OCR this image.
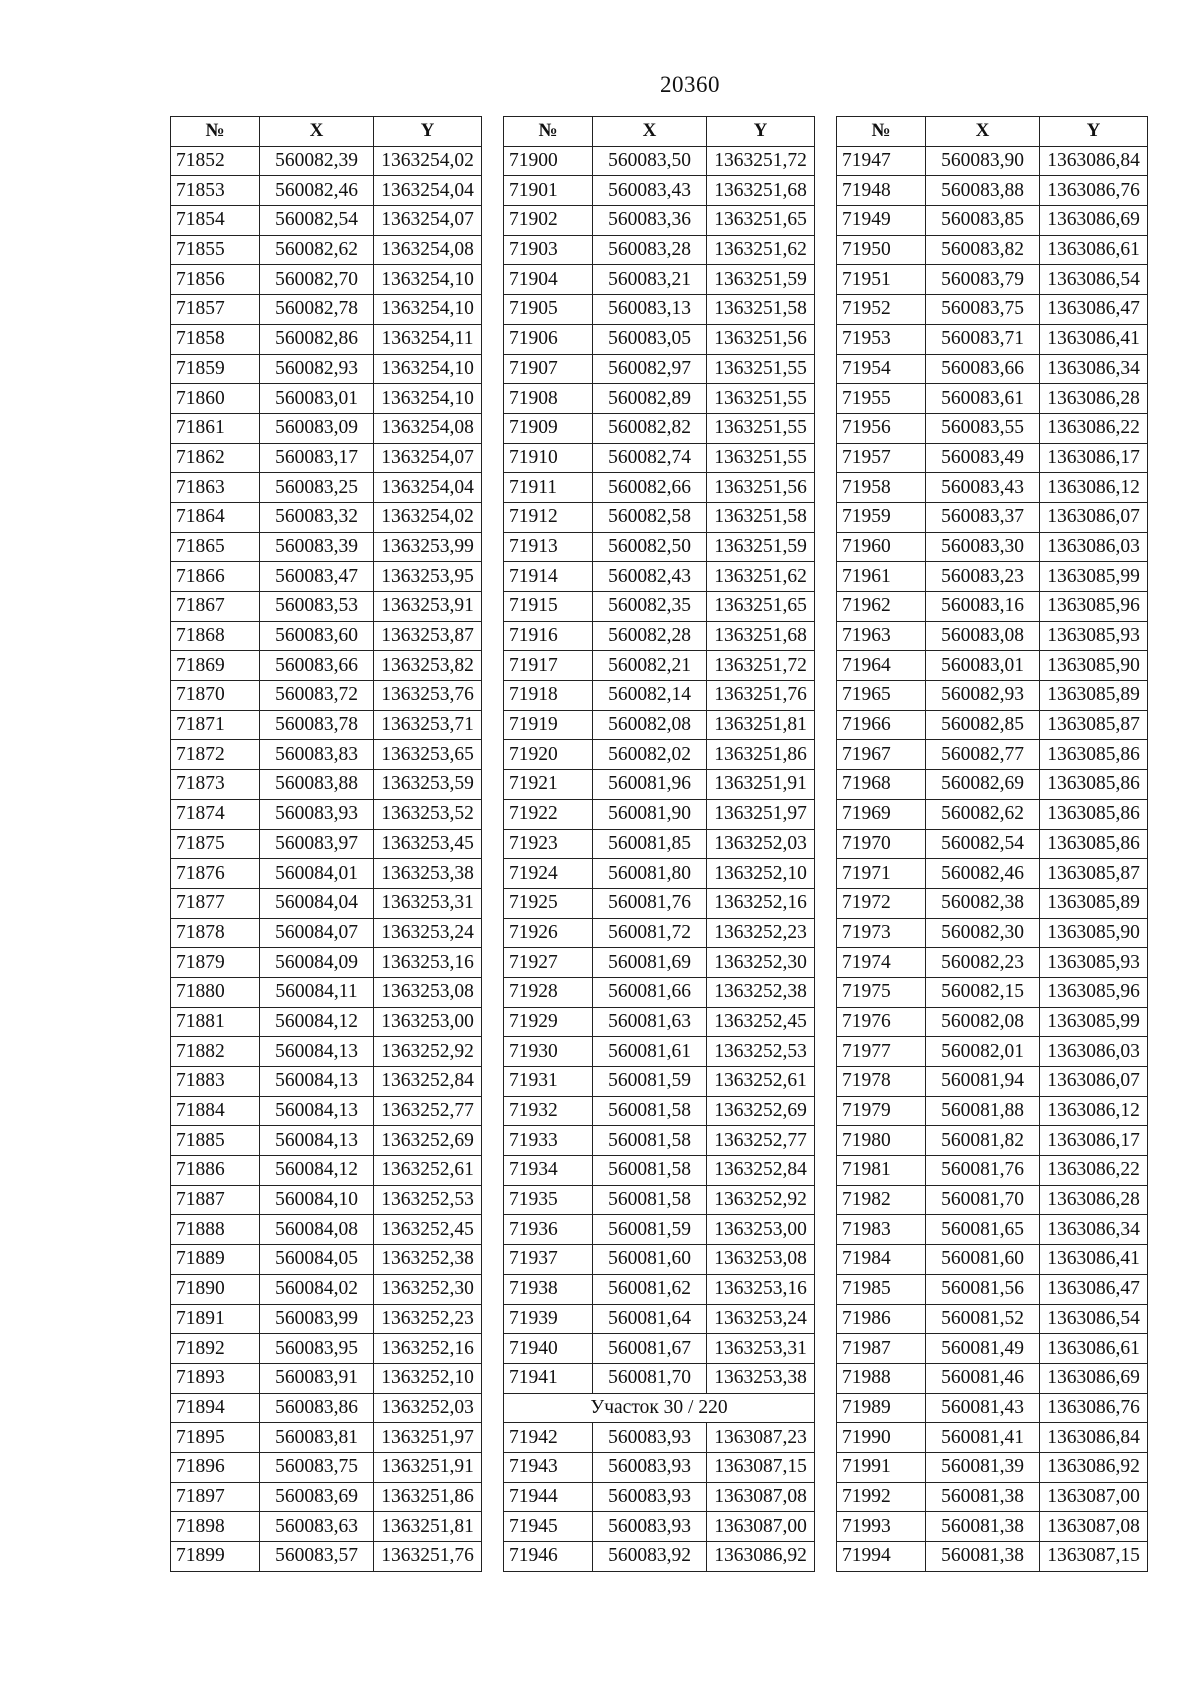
20360
№	X	Y
71852	560082,39	1363254,02
71853	560082,46	1363254,04
71854	560082,54	1363254,07
71855	560082,62	1363254,08
71856	560082,70	1363254,10
71857	560082,78	1363254,10
71858	560082,86	1363254,11
71859	560082,93	1363254,10
71860	560083,01	1363254,10
71861	560083,09	1363254,08
71862	560083,17	1363254,07
71863	560083,25	1363254,04
71864	560083,32	1363254,02
71865	560083,39	1363253,99
71866	560083,47	1363253,95
71867	560083,53	1363253,91
71868	560083,60	1363253,87
71869	560083,66	1363253,82
71870	560083,72	1363253,76
71871	560083,78	1363253,71
71872	560083,83	1363253,65
71873	560083,88	1363253,59
71874	560083,93	1363253,52
71875	560083,97	1363253,45
71876	560084,01	1363253,38
71877	560084,04	1363253,31
71878	560084,07	1363253,24
71879	560084,09	1363253,16
71880	560084,11	1363253,08
71881	560084,12	1363253,00
71882	560084,13	1363252,92
71883	560084,13	1363252,84
71884	560084,13	1363252,77
71885	560084,13	1363252,69
71886	560084,12	1363252,61
71887	560084,10	1363252,53
71888	560084,08	1363252,45
71889	560084,05	1363252,38
71890	560084,02	1363252,30
71891	560083,99	1363252,23
71892	560083,95	1363252,16
71893	560083,91	1363252,10
71894	560083,86	1363252,03
71895	560083,81	1363251,97
71896	560083,75	1363251,91
71897	560083,69	1363251,86
71898	560083,63	1363251,81
71899	560083,57	1363251,76
№	X	Y
71900	560083,50	1363251,72
71901	560083,43	1363251,68
71902	560083,36	1363251,65
71903	560083,28	1363251,62
71904	560083,21	1363251,59
71905	560083,13	1363251,58
71906	560083,05	1363251,56
71907	560082,97	1363251,55
71908	560082,89	1363251,55
71909	560082,82	1363251,55
71910	560082,74	1363251,55
71911	560082,66	1363251,56
71912	560082,58	1363251,58
71913	560082,50	1363251,59
71914	560082,43	1363251,62
71915	560082,35	1363251,65
71916	560082,28	1363251,68
71917	560082,21	1363251,72
71918	560082,14	1363251,76
71919	560082,08	1363251,81
71920	560082,02	1363251,86
71921	560081,96	1363251,91
71922	560081,90	1363251,97
71923	560081,85	1363252,03
71924	560081,80	1363252,10
71925	560081,76	1363252,16
71926	560081,72	1363252,23
71927	560081,69	1363252,30
71928	560081,66	1363252,38
71929	560081,63	1363252,45
71930	560081,61	1363252,53
71931	560081,59	1363252,61
71932	560081,58	1363252,69
71933	560081,58	1363252,77
71934	560081,58	1363252,84
71935	560081,58	1363252,92
71936	560081,59	1363253,00
71937	560081,60	1363253,08
71938	560081,62	1363253,16
71939	560081,64	1363253,24
71940	560081,67	1363253,31
71941	560081,70	1363253,38
Участок 30 / 220		
71942	560083,93	1363087,23
71943	560083,93	1363087,15
71944	560083,93	1363087,08
71945	560083,93	1363087,00
71946	560083,92	1363086,92
№	X	Y
71947	560083,90	1363086,84
71948	560083,88	1363086,76
71949	560083,85	1363086,69
71950	560083,82	1363086,61
71951	560083,79	1363086,54
71952	560083,75	1363086,47
71953	560083,71	1363086,41
71954	560083,66	1363086,34
71955	560083,61	1363086,28
71956	560083,55	1363086,22
71957	560083,49	1363086,17
71958	560083,43	1363086,12
71959	560083,37	1363086,07
71960	560083,30	1363086,03
71961	560083,23	1363085,99
71962	560083,16	1363085,96
71963	560083,08	1363085,93
71964	560083,01	1363085,90
71965	560082,93	1363085,89
71966	560082,85	1363085,87
71967	560082,77	1363085,86
71968	560082,69	1363085,86
71969	560082,62	1363085,86
71970	560082,54	1363085,86
71971	560082,46	1363085,87
71972	560082,38	1363085,89
71973	560082,30	1363085,90
71974	560082,23	1363085,93
71975	560082,15	1363085,96
71976	560082,08	1363085,99
71977	560082,01	1363086,03
71978	560081,94	1363086,07
71979	560081,88	1363086,12
71980	560081,82	1363086,17
71981	560081,76	1363086,22
71982	560081,70	1363086,28
71983	560081,65	1363086,34
71984	560081,60	1363086,41
71985	560081,56	1363086,47
71986	560081,52	1363086,54
71987	560081,49	1363086,61
71988	560081,46	1363086,69
71989	560081,43	1363086,76
71990	560081,41	1363086,84
71991	560081,39	1363086,92
71992	560081,38	1363087,00
71993	560081,38	1363087,08
71994	560081,38	1363087,15
